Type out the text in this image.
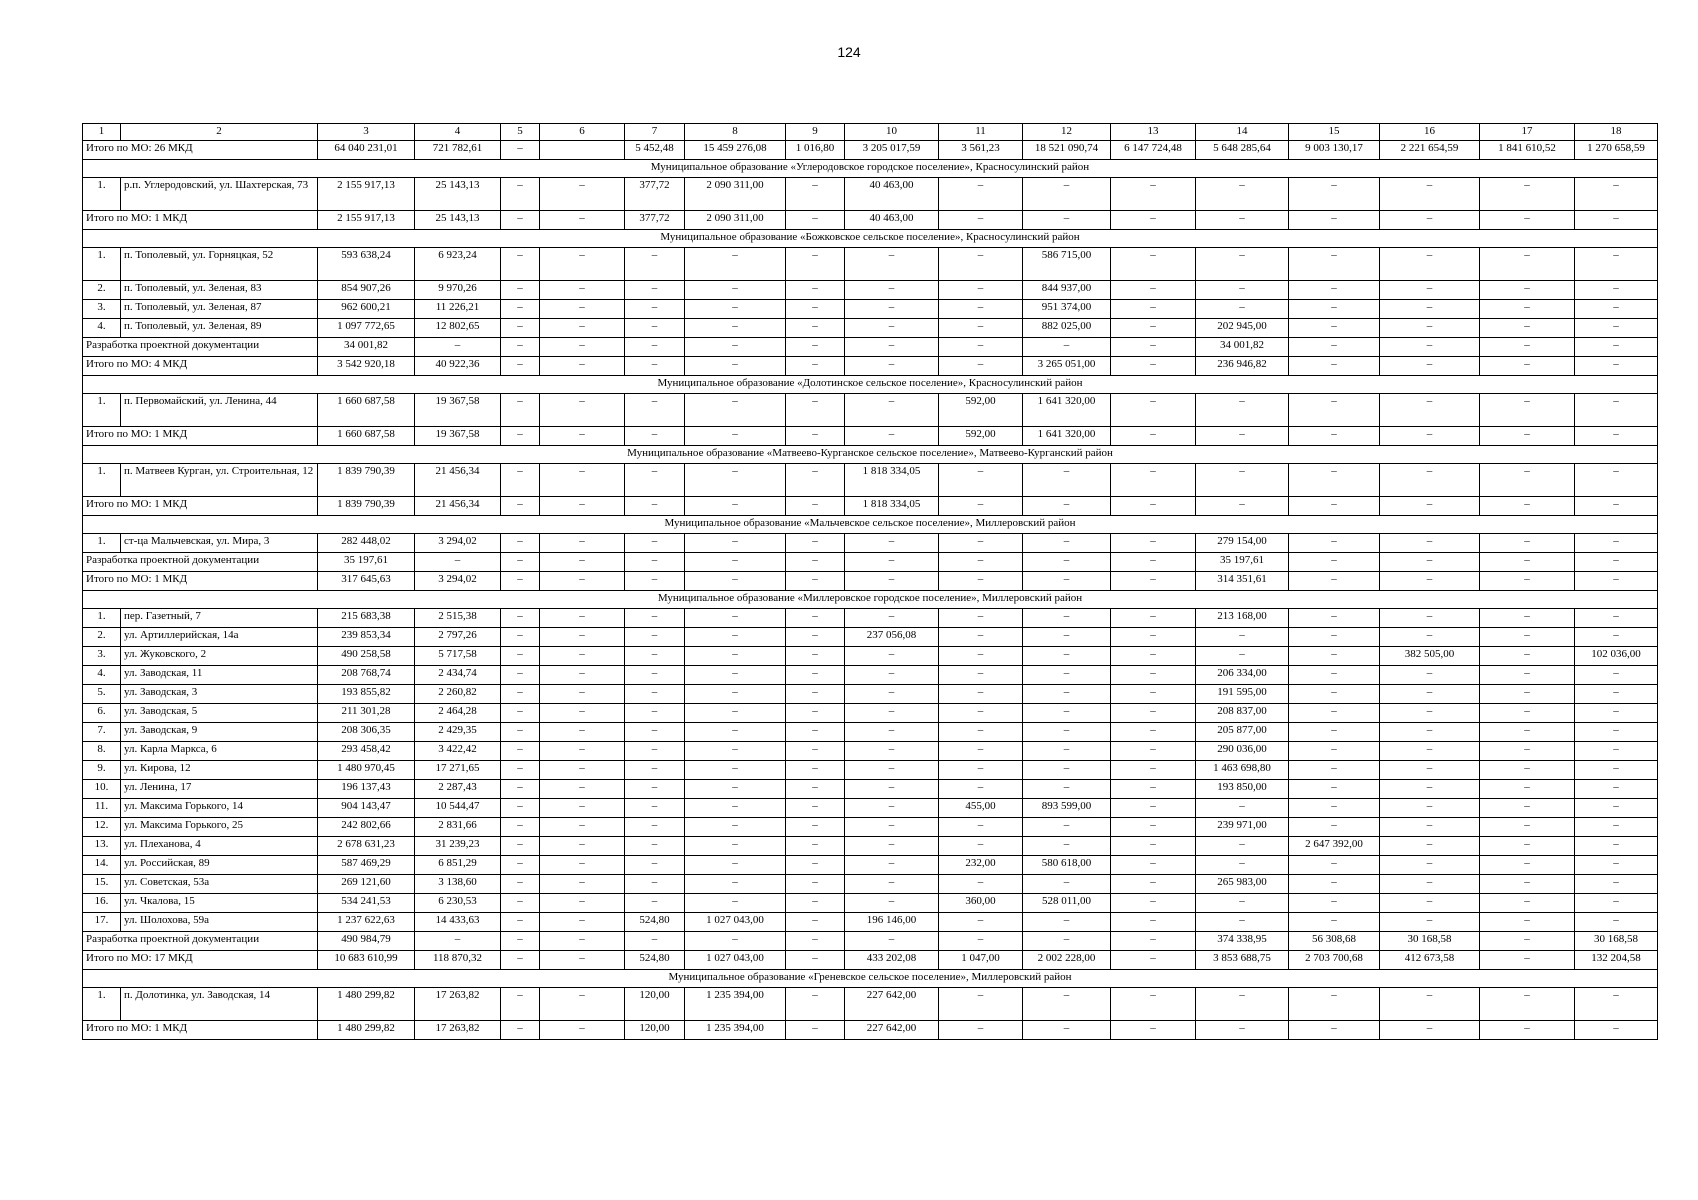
124
1	2	3	4	5	6	7	8	9	10	11	12	13	14	15	16	17	18
Итого по МО: 26 МКД		64 040 231,01	721 782,61	–		5 452,48	15 459 276,08	1 016,80	3 205 017,59	3 561,23	18 521 090,74	6 147 724,48	5 648 285,64	9 003 130,17	2 221 654,59	1 841 610,52	1 270 658,59
Муниципальное образование «Углеродовское городское поселение», Красносулинский район																	
1.	р.п. Углеродовский, ул. Шахтерская, 73	2 155 917,13	25 143,13	–	–	377,72	2 090 311,00	–	40 463,00	–	–	–	–	–	–	–	–
Итого по МО: 1 МКД		2 155 917,13	25 143,13	–	–	377,72	2 090 311,00	–	40 463,00	–	–	–	–	–	–	–	–
Муниципальное образование «Божковское сельское поселение», Красносулинский район																	
1.	п. Тополевый, ул. Горняцкая, 52	593 638,24	6 923,24	–	–	–	–	–	–	–	586 715,00	–	–	–	–	–	–
2.	п. Тополевый, ул. Зеленая, 83	854 907,26	9 970,26	–	–	–	–	–	–	–	844 937,00	–	–	–	–	–	–
3.	п. Тополевый, ул. Зеленая, 87	962 600,21	11 226,21	–	–	–	–	–	–	–	951 374,00	–	–	–	–	–	–
4.	п. Тополевый, ул. Зеленая, 89	1 097 772,65	12 802,65	–	–	–	–	–	–	–	882 025,00	–	202 945,00	–	–	–	–
Разработка проектной документации		34 001,82	–	–	–	–	–	–	–	–	–	–	34 001,82	–	–	–	–
Итого по МО: 4 МКД		3 542 920,18	40 922,36	–	–	–	–	–	–	–	3 265 051,00	–	236 946,82	–	–	–	–
Муниципальное образование «Долотинское сельское поселение», Красносулинский район																	
1.	п. Первомайский, ул. Ленина, 44	1 660 687,58	19 367,58	–	–	–	–	–	–	592,00	1 641 320,00	–	–	–	–	–	–
Итого по МО: 1 МКД		1 660 687,58	19 367,58	–	–	–	–	–	–	592,00	1 641 320,00	–	–	–	–	–	–
Муниципальное образование «Матвеево-Курганское сельское поселение», Матвеево-Курганский район																	
1.	п. Матвеев Курган, ул. Строительная, 12	1 839 790,39	21 456,34	–	–	–	–	–	1 818 334,05	–	–	–	–	–	–	–	–
Итого по МО: 1 МКД		1 839 790,39	21 456,34	–	–	–	–	–	1 818 334,05	–	–	–	–	–	–	–	–
Муниципальное образование «Мальчевское сельское поселение», Миллеровский район																	
1.	ст-ца Мальчевская, ул. Мира, 3	282 448,02	3 294,02	–	–	–	–	–	–	–	–	–	279 154,00	–	–	–	–
Разработка проектной документации		35 197,61	–	–	–	–	–	–	–	–	–	–	35 197,61	–	–	–	–
Итого по МО: 1 МКД		317 645,63	3 294,02	–	–	–	–	–	–	–	–	–	314 351,61	–	–	–	–
Муниципальное образование «Миллеровское городское поселение», Миллеровский район																	
1.	пер. Газетный, 7	215 683,38	2 515,38	–	–	–	–	–	–	–	–	–	213 168,00	–	–	–	–
2.	ул. Артиллерийская, 14а	239 853,34	2 797,26	–	–	–	–	–	237 056,08	–	–	–	–	–	–	–	–
3.	ул. Жуковского, 2	490 258,58	5 717,58	–	–	–	–	–	–	–	–	–	–	–	382 505,00	–	102 036,00
4.	ул. Заводская, 11	208 768,74	2 434,74	–	–	–	–	–	–	–	–	–	206 334,00	–	–	–	–
5.	ул. Заводская, 3	193 855,82	2 260,82	–	–	–	–	–	–	–	–	–	191 595,00	–	–	–	–
6.	ул. Заводская, 5	211 301,28	2 464,28	–	–	–	–	–	–	–	–	–	208 837,00	–	–	–	–
7.	ул. Заводская, 9	208 306,35	2 429,35	–	–	–	–	–	–	–	–	–	205 877,00	–	–	–	–
8.	ул. Карла Маркса, 6	293 458,42	3 422,42	–	–	–	–	–	–	–	–	–	290 036,00	–	–	–	–
9.	ул. Кирова, 12	1 480 970,45	17 271,65	–	–	–	–	–	–	–	–	–	1 463 698,80	–	–	–	–
10.	ул. Ленина, 17	196 137,43	2 287,43	–	–	–	–	–	–	–	–	–	193 850,00	–	–	–	–
11.	ул. Максима Горького, 14	904 143,47	10 544,47	–	–	–	–	–	–	455,00	893 599,00	–	–	–	–	–	–
12.	ул. Максима Горького, 25	242 802,66	2 831,66	–	–	–	–	–	–	–	–	–	239 971,00	–	–	–	–
13.	ул. Плеханова, 4	2 678 631,23	31 239,23	–	–	–	–	–	–	–	–	–	–	2 647 392,00	–	–	–
14.	ул. Российская, 89	587 469,29	6 851,29	–	–	–	–	–	–	232,00	580 618,00	–	–	–	–	–	–
15.	ул. Советская, 53а	269 121,60	3 138,60	–	–	–	–	–	–	–	–	–	265 983,00	–	–	–	–
16.	ул. Чкалова, 15	534 241,53	6 230,53	–	–	–	–	–	–	360,00	528 011,00	–	–	–	–	–	–
17.	ул. Шолохова, 59а	1 237 622,63	14 433,63	–	–	524,80	1 027 043,00	–	196 146,00	–	–	–	–	–	–	–	–
Разработка проектной документации		490 984,79	–	–	–	–	–	–	–	–	–	–	374 338,95	56 308,68	30 168,58	–	30 168,58
Итого по МО: 17 МКД		10 683 610,99	118 870,32	–	–	524,80	1 027 043,00	–	433 202,08	1 047,00	2 002 228,00	–	3 853 688,75	2 703 700,68	412 673,58	–	132 204,58
Муниципальное образование «Греневское сельское поселение», Миллеровский район																	
1.	п. Долотинка, ул. Заводская, 14	1 480 299,82	17 263,82	–	–	120,00	1 235 394,00	–	227 642,00	–	–	–	–	–	–	–	–
Итого по МО: 1 МКД		1 480 299,82	17 263,82	–	–	120,00	1 235 394,00	–	227 642,00	–	–	–	–	–	–	–	–
